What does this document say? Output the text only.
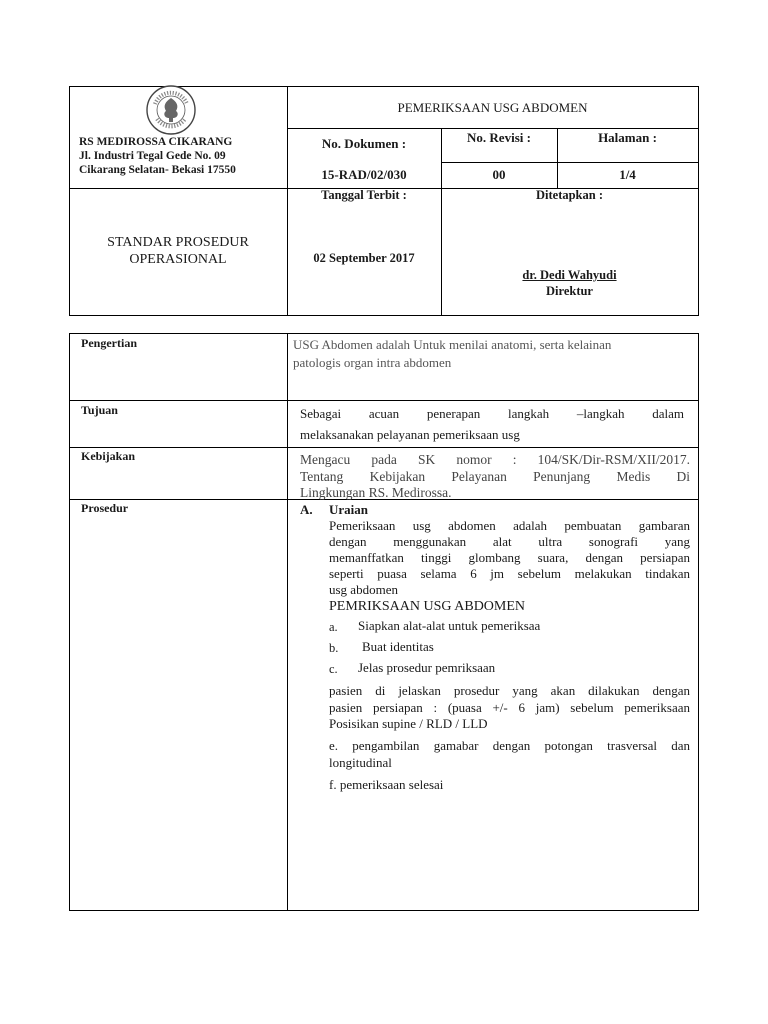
RS MEDIROSSA CIKARANG
Jl. Industri Tegal Gede No. 09
Cikarang Selatan- Bekasi 17550
STANDAR PROSEDUR
OPERASIONAL
PEMERIKSAAN USG ABDOMEN
No. Dokumen :
15-RAD/02/030
No. Revisi :
00
Halaman :
1/4
Tanggal Terbit :
02 September 2017
Ditetapkan :
dr. Dedi Wahyudi
Direktur
Pengertian	USG Abdomen adalah Untuk menilai anatomi, serta kelainan
patologis organ intra abdomen
Tujuan	Sebagai acuan penerapan langkah –langkah dalam
melaksanakan pelayanan pemeriksaan usg
Kebijakan	Mengacu pada SK nomor : 104/SK/Dir-RSM/XII/2017.
Tentang Kebijakan Pelayanan Penunjang Medis Di
Lingkungan RS. Medirossa.
Prosedur	A. Uraian
Pemeriksaan usg abdomen adalah pembuatan gambaran
dengan menggunakan alat ultra sonografi yang
memanffatkan tinggi glombang suara, dengan persiapan
seperti puasa selama 6 jm sebelum melakukan tindakan
usg abdomen
PEMRIKSAAN USG ABDOMEN
a. Siapkan alat-alat untuk pemeriksaa
b. Buat identitas
c. Jelas prosedur pemriksaan
pasien di jelaskan prosedur yang akan dilakukan dengan
pasien persiapan : (puasa +/- 6 jam) sebelum pemeriksaan
Posisikan supine / RLD / LLD
e. pengambilan gamabar dengan potongan trasversal dan
longitudinal
f. pemeriksaan selesai
